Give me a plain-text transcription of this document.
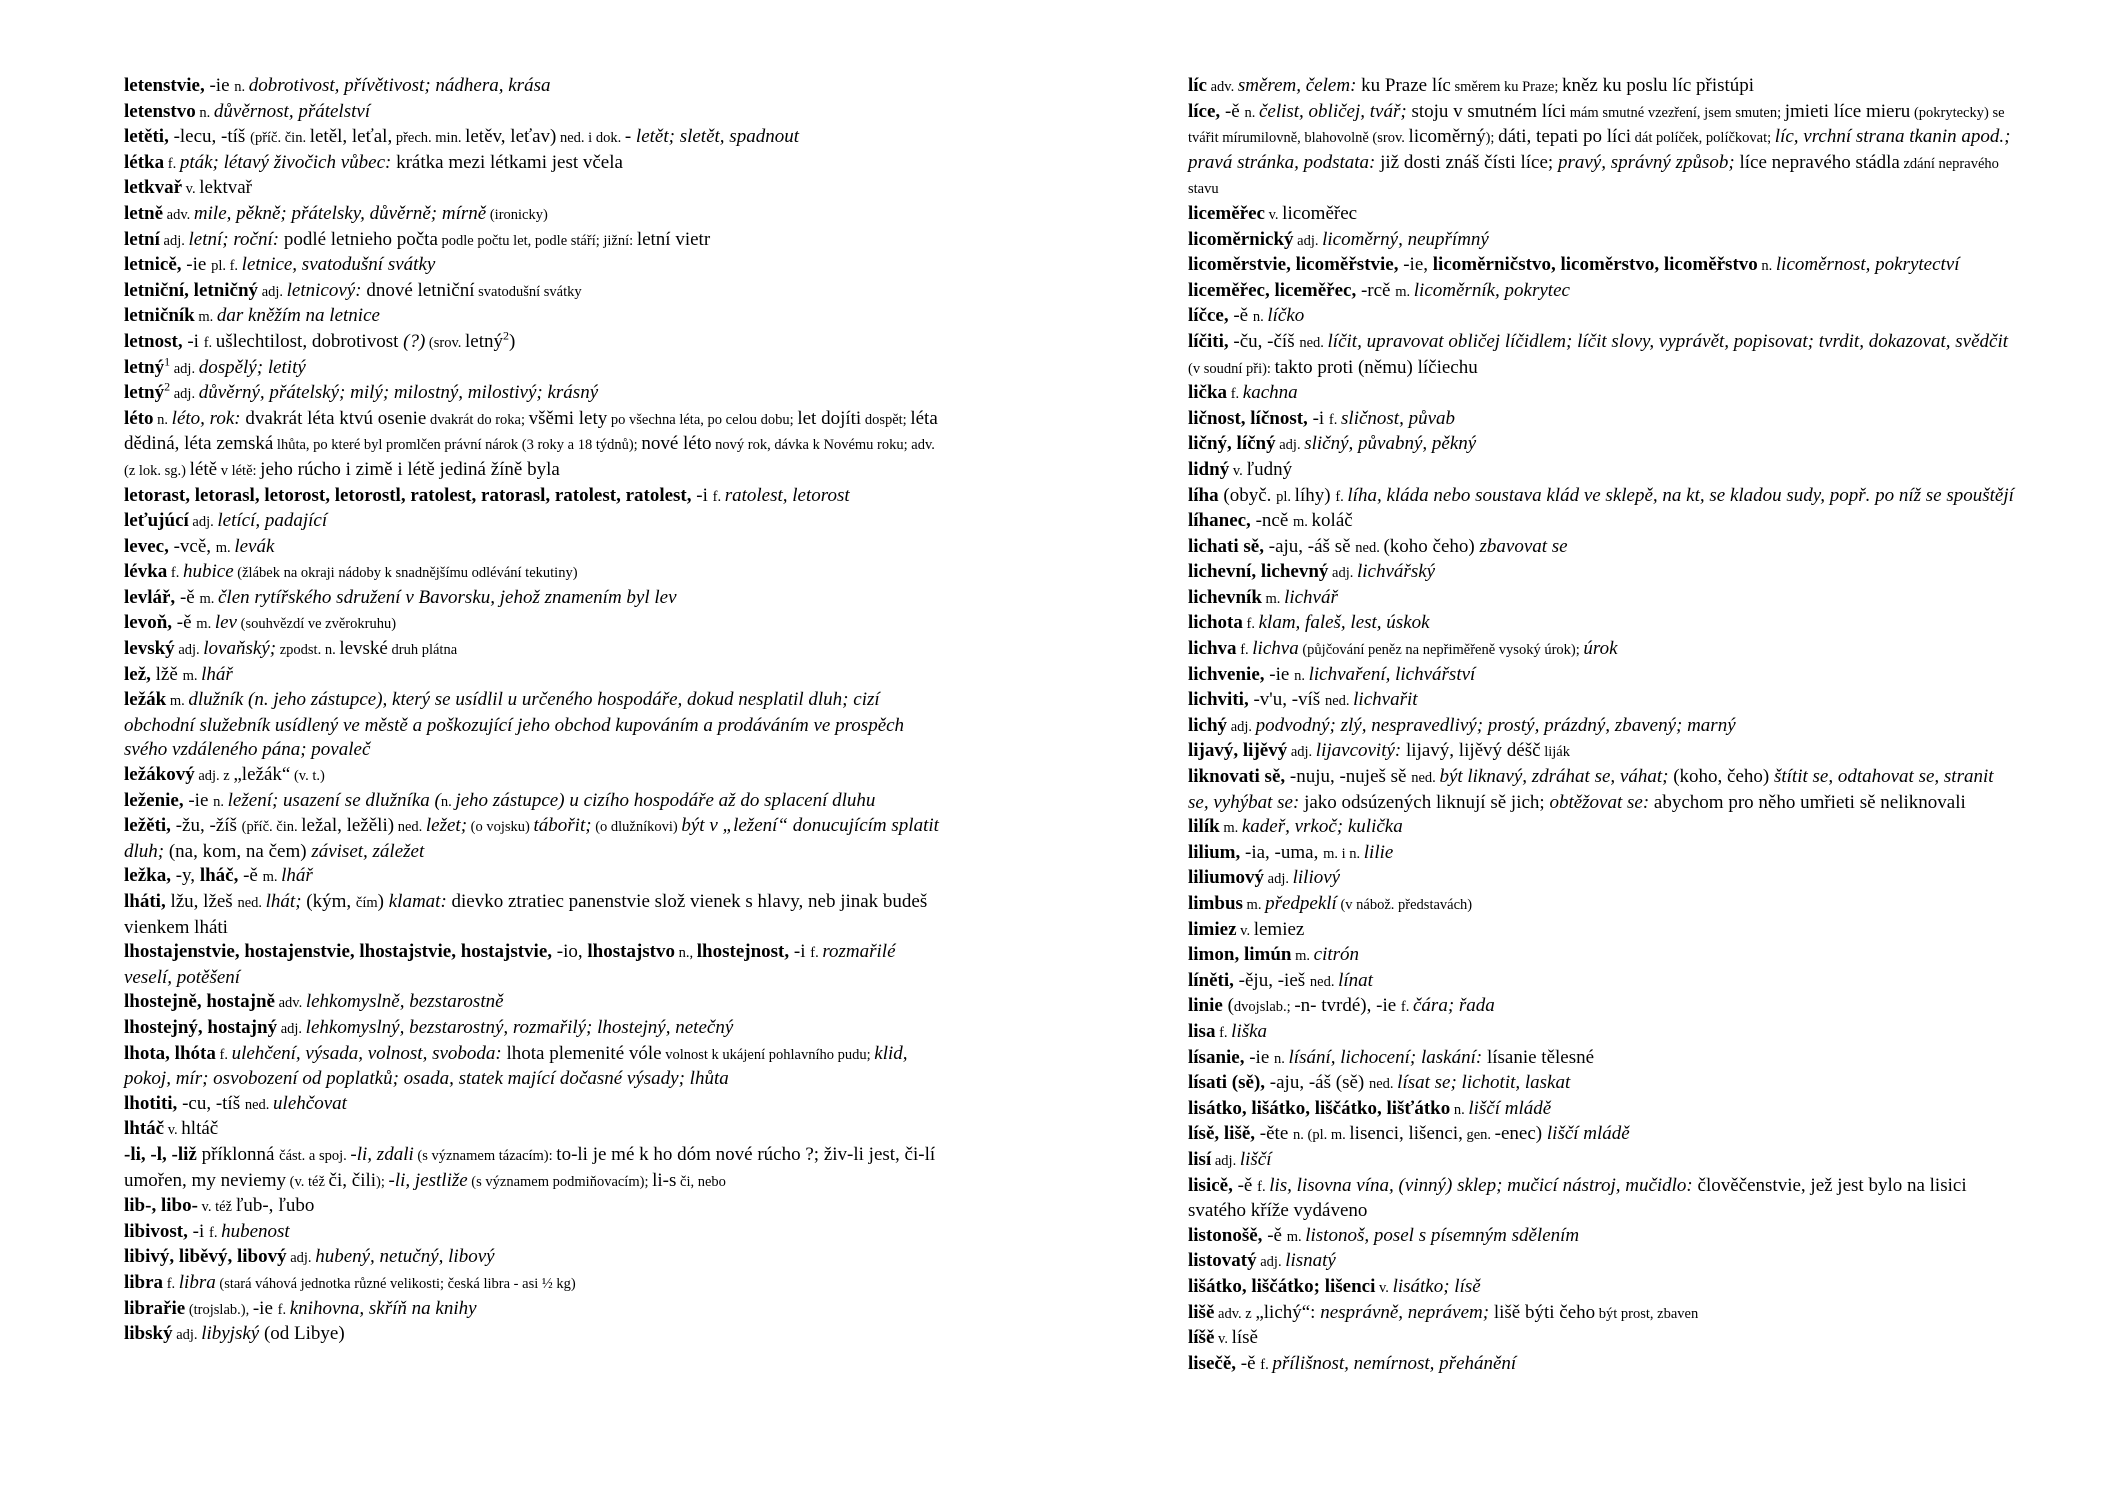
letenstvie, -ie n. dobrotivost, přívětivost; nádhera, krása

letenstvo n. důvěrnost, přátelství

letěti, -lecu, -tíš (příč. čin. letěl, leťal, přech. min. letěv, leťav) ned. i dok. - letět; sletět, spadnout

létka f. pták; létavý živočich vůbec: krátka mezi létkami jest včela

letkvař v. lektvař

letně adv. mile, pěkně; přátelsky, důvěrně; mírně (ironicky)

letní adj. letní; roční: podlé letnieho počta podle počtu let, podle stáří; jižní: letní vietr

letnicě, -ie pl. f. letnice, svatodušní svátky

letniční, letničný adj. letnicový: dnové letniční svatodušní svátky

letničník m. dar kněžím na letnice

letnost, -i f. ušlechtilost, dobrotivost (?) (srov. letný$^2$)

letný$^1$ adj. dospělý; letitý

letný$^2$ adj. důvěrný, přátelský; milý; milostný, milostivý; krásný

léto n. léto, rok: dvakrát léta ktvú osenie dvakrát do roka; všěmi lety po všechna léta, po celou dobu; let dojíti dospět; léta dědiná, léta zemská lhůta, po které byl promlčen právní nárok (3 roky a 18 týdnů); nové léto nový rok, dávka k Novému roku; adv. (z lok. sg.) létě v létě: jeho rúcho i zimě i létě jediná žíně byla

letorast, letorasl, letorost, letorostl, ratolest, ratorasl, ratolest, ratolest, -i f. ratolest, letorost

leťujúcí adj. letící, padající

levec, -vcě, m. levák

lévka f. hubice (žlábek na okraji nádoby k snadnějšímu odlévání tekutiny)

levlář, -ě m. člen rytířského sdružení v Bavorsku, jehož znamením byl lev

levoň, -ě m. lev (souhvězdí ve zvěrokruhu)

levský adj. lovaňský; zpodst. n. levské druh plátna

lež, lžě m. lhář

ležák m. dlužník (n. jeho zástupce), který se usídlil u určeného hospodáře, dokud nesplatil dluh; cizí obchodní služebník usídlený ve městě a poškozující jeho obchod kupováním a prodáváním ve prospěch svého vzdáleného pána; povaleč

ležákový adj. z „ležák“ (v. t.)

leženie, -ie n. ležení; usazení se dlužníka (n. jeho zástupce) u cizího hospodáře až do splacení dluhu

ležěti, -žu, -žíš (příč. čin. ležal, ležěli) ned. ležet; (o vojsku) tábořit; (o dlužníkovi) být v „ležení“ donucujícím splatit dluh; (na, kom, na čem) záviset, záležet

ležka, -y, lháč, -ě m. lhář

lháti, lžu, lžeš ned. lhát; (kým, čím) klamat: dievko ztratiec panenstvie slož vienek s hlavy, neb jinak budeš vienkem lháti

lhostajenstvie, hostajenstvie, lhostajstvie, hostajstvie, -io, lhostajstvo n., lhostejnost, -i f. rozmařilé veselí, potěšení

lhostejně, hostajně adv. lehkomyslně, bezstarostně

lhostejný, hostajný adj. lehkomyslný, bezstarostný, rozmařilý; lhostejný, netečný

lhota, lhóta f. ulehčení, výsada, volnost, svoboda: lhota plemenité vóle volnost k ukájení pohlavního pudu; klid, pokoj, mír; osvobození od poplatků; osada, statek mající dočasné výsady; lhůta

lhotiti, -cu, -tíš ned. ulehčovat

lhtáč v. hltáč

-li, -l, -liž příklonná část. a spoj. -li, zdali (s významem tázacím): to-li je mé k ho dóm nové rúcho ?; živ-li jest, či-lí umořen, my neviemy (v. též či, čili); -li, jestliže (s významem podmiňovacím); li-s či, nebo

lib-, libo- v. též ľub-, ľubo

libivost, -i f. hubenost

libivý, liběvý, libový adj. hubený, netučný, libový

libra f. libra (stará váhová jednotka různé velikosti; česká libra - asi ½ kg)

librařie (trojslab.), -ie f. knihovna, skříň na knihy

libský adj. libyjský (od Libye)

líc adv. směrem, čelem: ku Praze líc směrem ku Praze; kněz ku poslu líc přistúpi

líce, -ě n. čelist, obličej, tvář; stoju v smutném líci mám smutné vzezření, jsem smuten; jmieti líce mieru (pokrytecky) se tvářit mírumilovně, blahovolně (srov. licoměrný); dáti, tepati po líci dát políček, políčkovat; líc, vrchní strana tkanin apod.; pravá stránka, podstata: již dosti znáš čísti líce; pravý, správný způsob; líce nepravého stádla zdání nepravého stavu

liceměřec v. licoměřec

licoměrnický adj. licoměrný, neupřímný

licoměrstvie, licoměřstvie, -ie, licoměrničstvo, licoměrstvo, licoměřstvo n. licoměrnost, pokrytectví

liceměřec, liceměřec, -rcě m. licoměrník, pokrytec

líčce, -ě n. líčko

líčiti, -ču, -číš ned. líčit, upravovat obličej líčidlem; líčit slovy, vyprávět, popisovat; tvrdit, dokazovat, svědčit (v soudní při): takto proti (němu) líčiechu

lička f. kachna

ličnost, líčnost, -i f. sličnost, půvab

ličný, líčný adj. sličný, půvabný, pěkný

lidný v. ľudný

líha (obyč. pl. líhy) f. líha, kláda nebo soustava klád ve sklepě, na kt, se kladou sudy, popř. po níž se spouštějí

líhanec, -ncě m. koláč

lichati sě, -aju, -áš sě ned. (koho čeho) zbavovat se

lichevní, lichevný adj. lichvářský

lichevník m. lichvář

lichota f. klam, faleš, lest, úskok

lichva f. lichva (půjčování peněz na nepřiměřeně vysoký úrok); úrok

lichvenie, -ie n. lichvaření, lichvářství

lichviti, -v'u, -víš ned. lichvařit

lichý adj. podvodný; zlý, nespravedlivý; prostý, prázdný, zbavený; marný

lijavý, lijěvý adj. lijavcovitý: lijavý, lijěvý déšč liják

liknovati sě, -nuju, -nuješ sě ned. být liknavý, zdráhat se, váhat; (koho, čeho) štítit se, odtahovat se, stranit se, vyhýbat se: jako odsúzených liknují sě jich; obtěžovat se: abychom pro něho umřieti sě neliknovali

lilík m. kadeř, vrkoč; kulička

lilium, -ia, -uma, m. i n. lilie

liliumový adj. liliový

limbus m. předpeklí (v nábož. představách)

limiez v. lemiez

limon, limún m. citrón

líněti, -ěju, -ieš ned. línat

linie (dvojslab.; -n- tvrdé), -ie f. čára; řada

lisa f. liška

lísanie, -ie n. lísání, lichocení; laskání: lísanie tělesné

lísati (sě), -aju, -áš (sě) ned. lísat se; lichotit, laskat

lisátko, lišátko, liščátko, lišťátko n. liščí mládě

lísě, lišě, -ěte n. (pl. m. lisenci, lišenci, gen. -enec) liščí mládě

lisí adj. liščí

lisicě, -ě f. lis, lisovna vína, (vinný) sklep; mučicí nástroj, mučidlo: člověčenstvie, jež jest bylo na lisici svatého kříže vydáveno

listonošě, -ě m. listonoš, posel s písemným sdělením

listovatý adj. lisnatý

lišátko, liščátko; lišenci v. lisátko; lísě

lišě adv. z „lichý“: nesprávně, neprávem; lišě býti čeho být prost, zbaven

líšě v. lísě

lisečě, -ě f. přílišnost, nemírnost, přehánění
